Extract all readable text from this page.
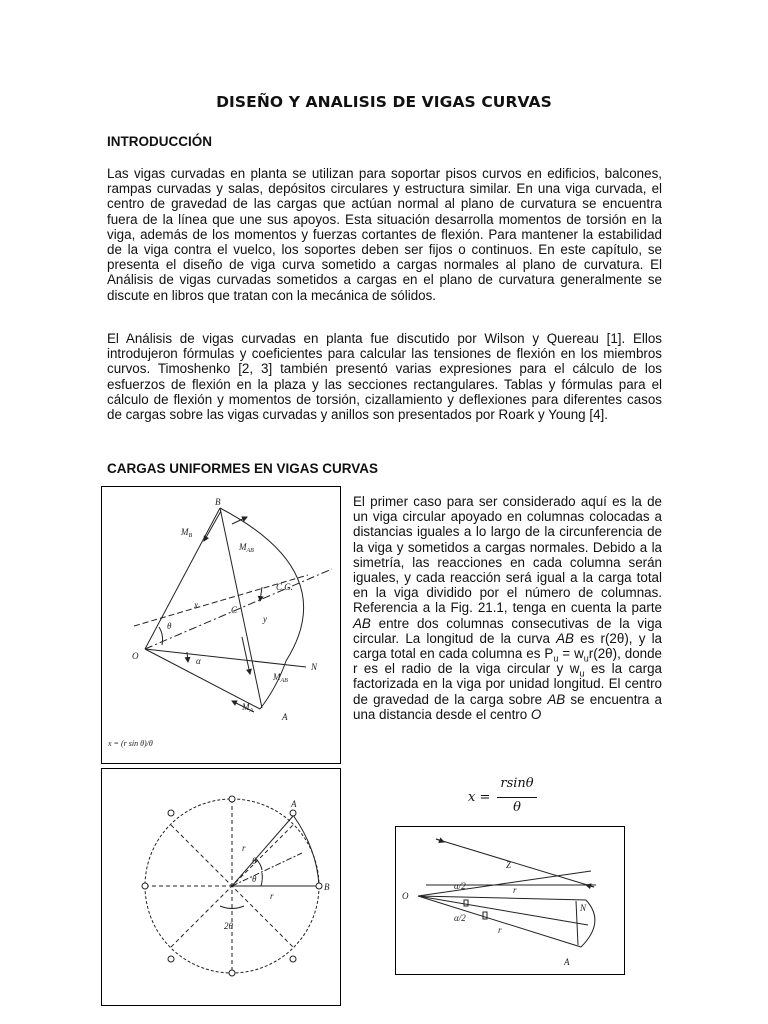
DISEÑO Y ANALISIS DE VIGAS CURVAS
INTRODUCCIÓN

Las vigas curvadas en planta se utilizan para soportar pisos curvos en edificios, balcones, rampas curvadas y salas, depósitos circulares y estructura similar. En una viga curvada, el centro de gravedad de las cargas que actúan normal al plano de curvatura se encuentra fuera de la línea que une sus apoyos. Esta situación desarrolla momentos de torsión en la viga, además de los momentos y fuerzas cortantes de flexión. Para mantener la estabilidad de la viga contra el vuelco, los soportes deben ser fijos o continuos. En este capítulo, se presenta el diseño de viga curva sometido a cargas normales al plano de curvatura. El Análisis de vigas curvadas sometidos a cargas en el plano de curvatura generalmente se discute en libros que tratan con la mecánica de sólidos.

El Análisis de vigas curvadas en planta fue discutido por Wilson y Quereau [1]. Ellos introdujeron fórmulas y coeficientes para calcular las tensiones de flexión en los miembros curvos. Timoshenko [2, 3] también presentó varias expresiones para el cálculo de los esfuerzos de flexión en la plaza y las secciones rectangulares. Tablas y fórmulas para el cálculo de flexión y momentos de torsión, cizallamiento y deflexiones para diferentes casos de cargas sobre las vigas curvadas y anillos son presentados por Roark y Young [4].

CARGAS UNIFORMES EN VIGAS CURVAS

El primer caso para ser considerado aquí es la de un viga circular apoyado en columnas colocadas a distancias iguales a lo largo de la circunferencia de la viga y sometidos a cargas normales. Debido a la simetría, las reacciones en cada columna serán iguales, y cada reacción será igual a la carga total en la viga dividido por el número de columnas. Referencia a la Fig. 21.1, tenga en cuenta la parte AB entre dos columnas consecutivas de la viga circular. La longitud de la curva AB es r(2θ), y la carga total en cada columna es $P_u = w_ur(2\theta)$, donde r es el radio de la viga circular y $w_u$ es la carga factorizada en la viga por unidad longitud. El centro de gravedad de la carga sobre AB se encuentra a una distancia desde el centro O

x =
rsinθ
θ
B
$M_B$
$M_{AB}$
C.G.
C
x
y
θ
O	α
N
$M_{AB}$
$M_A$
A
x = (r sin θ)/θ
A
B
θ
θ
r
r
2θ
Z
O
α/2
α/2
r
r
N
A
